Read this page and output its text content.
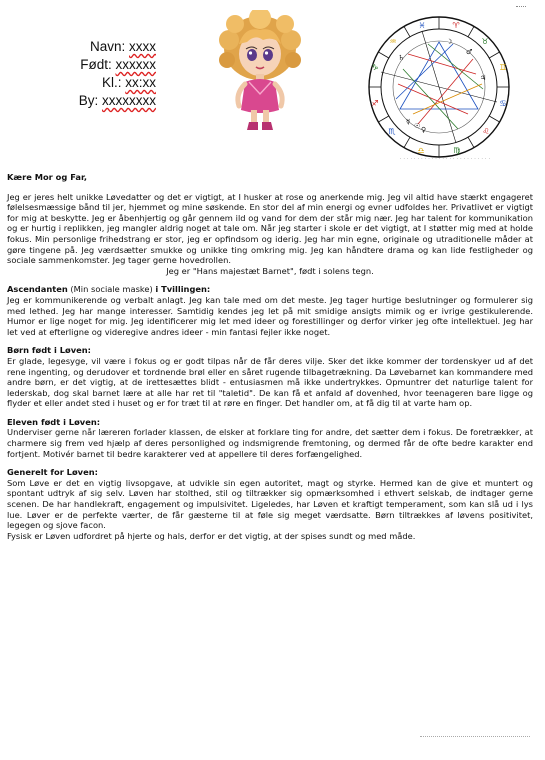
Navn: xxxx
Født: xxxxxx
Kl.: xx:xx
By: xxxxxxxx
♈
♉
♊
♋
♌
♍
♎
♏
♐
♑
♒
♓
☉ ♀
☿
♂
♃
♄
☽
· · · · · · · · · · · · · · · · · · · · · · · · · ·

Kære Mor og Far,

Jeg er jeres helt unikke Løvedatter og det er vigtigt, at I husker at rose og anerkende mig. Jeg vil altid have stærkt engageret følelsesmæssige bånd til jer, hjemmet og mine søskende. En stor del af min energi og evner udfoldes her. Privatlivet er vigtigt for mig at beskytte. Jeg er åbenhjertig og går gennem ild og vand for dem der står mig nær. Jeg har talent for kommunikation og er hurtig i replikken, jeg mangler aldrig noget at tale om. Når jeg starter i skole er det vigtigt, at I støtter mig med at holde fokus. Min personlige frihedstrang er stor, jeg er opfindsom og iderig. Jeg har min egne, originale og utraditionelle måder at gøre tingene på. Jeg værdsætter smukke og unikke ting omkring mig. Jeg kan håndtere drama og kan lide festligheder og sociale sammenkomster. Jeg tager gerne hovedrollen.

Jeg er "Hans majestæt Barnet", født i solens tegn.

Ascendanten (Min sociale maske) i Tvillingen:

Jeg er kommunikerende og verbalt anlagt. Jeg kan tale med om det meste. Jeg tager hurtige beslutninger og formulerer sig med lethed. Jeg har mange interesser. Samtidig kendes jeg let på mit smidige ansigts mimik og er ivrige gestikulerende. Humor er lige noget for mig. Jeg identificerer mig let med ideer og forestillinger og derfor virker jeg ofte intellektuel. Jeg har let ved at efterligne og videregive andres ideer - min fantasi fejler ikke noget.

Børn født i Løven:

Er glade, legesyge, vil være i fokus og er godt tilpas når de får deres vilje. Sker det ikke kommer der tordenskyer ud af det rene ingenting, og derudover et tordnende brøl eller en såret rugende tilbagetrækning. Da Løvebarnet kan kommandere med andre børn, er det vigtig, at de irettesættes blidt - entusiasmen må ikke undertrykkes. Opmuntrer det naturlige talent for lederskab, dog skal barnet lære at alle har ret til "taletid". De kan få et anfald af dovenhed, hvor teenageren bare ligge og flyder et eller andet sted i huset og er for træt til at røre en finger. Det handler om, at få dig til at varte ham op.

Eleven født i Løven:

Underviser gerne når læreren forlader klassen, de elsker at forklare ting for andre, det sætter dem i fokus. De foretrækker, at charmere sig frem ved hjælp af deres personlighed og indsmigrende fremtoning, og dermed får de ofte bedre karakter end fortjent. Motivér barnet til bedre karakterer ved at appellere til deres forfængelighed.

Generelt for Løven:

Som Løve er det en vigtig livsopgave, at udvikle sin egen autoritet, magt og styrke. Hermed kan de give et muntert og spontant udtryk af sig selv. Løven har stolthed, stil og tiltrækker sig opmærksomhed i ethvert selskab, de indtager gerne scenen. De har handlekraft, engagement og impulsivitet. Ligeledes, har Løven et kraftigt temperament, som kan slå ud i lys lue. Løver er de perfekte værter, de får gæsterne til at føle sig meget værdsatte. Børn tiltrækkes af løvens positivitet, legegen og sjove facon.

Fysisk er Løven udfordret på hjerte og hals, derfor er det vigtig, at der spises sundt og med måde.
